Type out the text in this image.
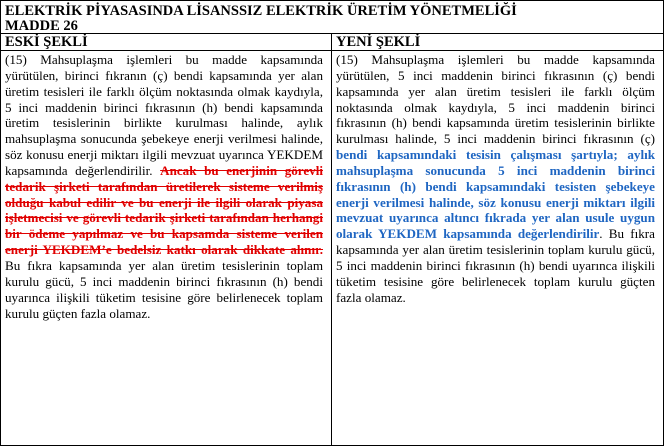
ELEKTRİK PİYASASINDA LİSANSSIZ ELEKTRİK ÜRETİM YÖNETMELİĞİ
MADDE 26
ESKİ ŞEKLİ
(15) Mahsuplaşma işlemleri bu madde kapsamında yürütülen, birinci fıkranın (ç) bendi kapsamında yer alan üretim tesisleri ile farklı ölçüm noktasında olmak kaydıyla, 5 inci maddenin birinci fıkrasının (h) bendi kapsamında üretim tesislerinin birlikte kurulması halinde, aylık mahsuplaşma sonucunda şebekeye enerji verilmesi halinde, söz konusu enerji miktarı ilgili mevzuat uyarınca YEKDEM kapsamında değerlendirilir. Ancak bu enerjinin görevli tedarik şirketi tarafından üretilerek sisteme verilmiş olduğu kabul edilir ve bu enerji ile ilgili olarak piyasa işletmecisi ve görevli tedarik şirketi tarafından herhangi bir ödeme yapılmaz ve bu kapsamda sisteme verilen enerji YEKDEM’e bedelsiz katkı olarak dikkate alınır. Bu fıkra kapsamında yer alan üretim tesislerinin toplam kurulu gücü, 5 inci maddenin birinci fıkrasının (h) bendi uyarınca ilişkili tüketim tesisine göre belirlenecek toplam kurulu güçten fazla olamaz.
YENİ ŞEKLİ
(15) Mahsuplaşma işlemleri bu madde kapsamında yürütülen, 5 inci maddenin birinci fıkrasının (ç) bendi kapsamında yer alan üretim tesisleri ile farklı ölçüm noktasında olmak kaydıyla, 5 inci maddenin birinci fıkrasının (h) bendi kapsamında üretim tesislerinin birlikte kurulması halinde, 5 inci maddenin birinci fıkrasının (ç) bendi kapsamındaki tesisin çalışması şartıyla; aylık mahsuplaşma sonucunda 5 inci maddenin birinci fıkrasının (h) bendi kapsamındaki tesisten şebekeye enerji verilmesi halinde, söz konusu enerji miktarı ilgili mevzuat uyarınca altıncı fıkrada yer alan usule uygun olarak YEKDEM kapsamında değerlendirilir. Bu fıkra kapsamında yer alan üretim tesislerinin toplam kurulu gücü, 5 inci maddenin birinci fıkrasının (h) bendi uyarınca ilişkili tüketim tesisine göre belirlenecek toplam kurulu güçten fazla olamaz.
